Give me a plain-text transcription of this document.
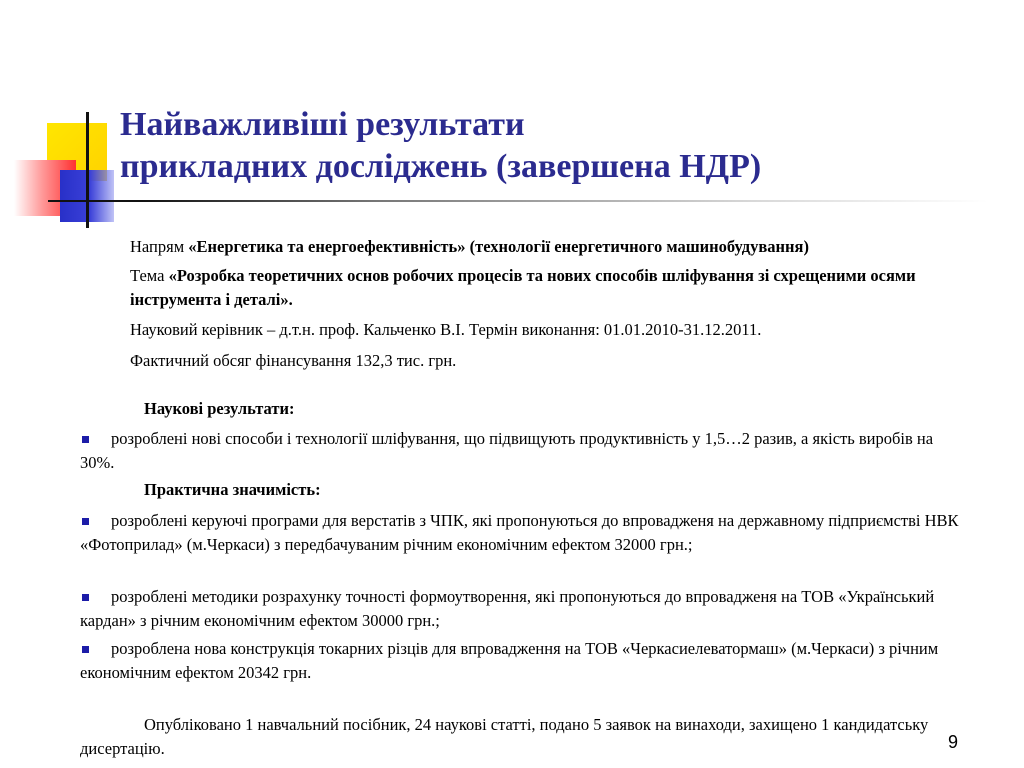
Найважливіші результати
прикладних досліджень (завершена НДР)
Напрям «Енергетика та енергоефективність» (технології енергетичного машинобудування)
Тема «Розробка теоретичних основ робочих процесів та нових способів шліфування зі схрещеними осями інструмента і деталі».
Науковий керівник – д.т.н. проф. Кальченко В.І. Термін виконання: 01.01.2010-31.12.2011.
Фактичний обсяг фінансування 132,3 тис. грн.
Наукові результати:
розроблені нові способи і технології шліфування, що підвищують продуктивність у 1,5…2 разив, а якість виробів на 30%.
Практична значимість:
розроблені керуючі програми для верстатів з ЧПК, які пропонуються до впровадженя на державному підприємстві НВК «Фотоприлад» (м.Черкаси) з передбачуваним річним економічним ефектом 32000 грн.;
розроблені методики розрахунку точності формоутворення, які пропонуються до впровадженя на ТОВ «Український кардан» з річним економічним ефектом 30000 грн.;
розроблена нова конструкція токарних різців для впровадження на ТОВ «Черкасиелеватормаш» (м.Черкаси) з річним економічним ефектом 20342 грн.
Опубліковано 1 навчальний посібник, 24 наукові статті, подано 5 заявок на винаходи, захищено 1 кандидатську дисертацію.	9
